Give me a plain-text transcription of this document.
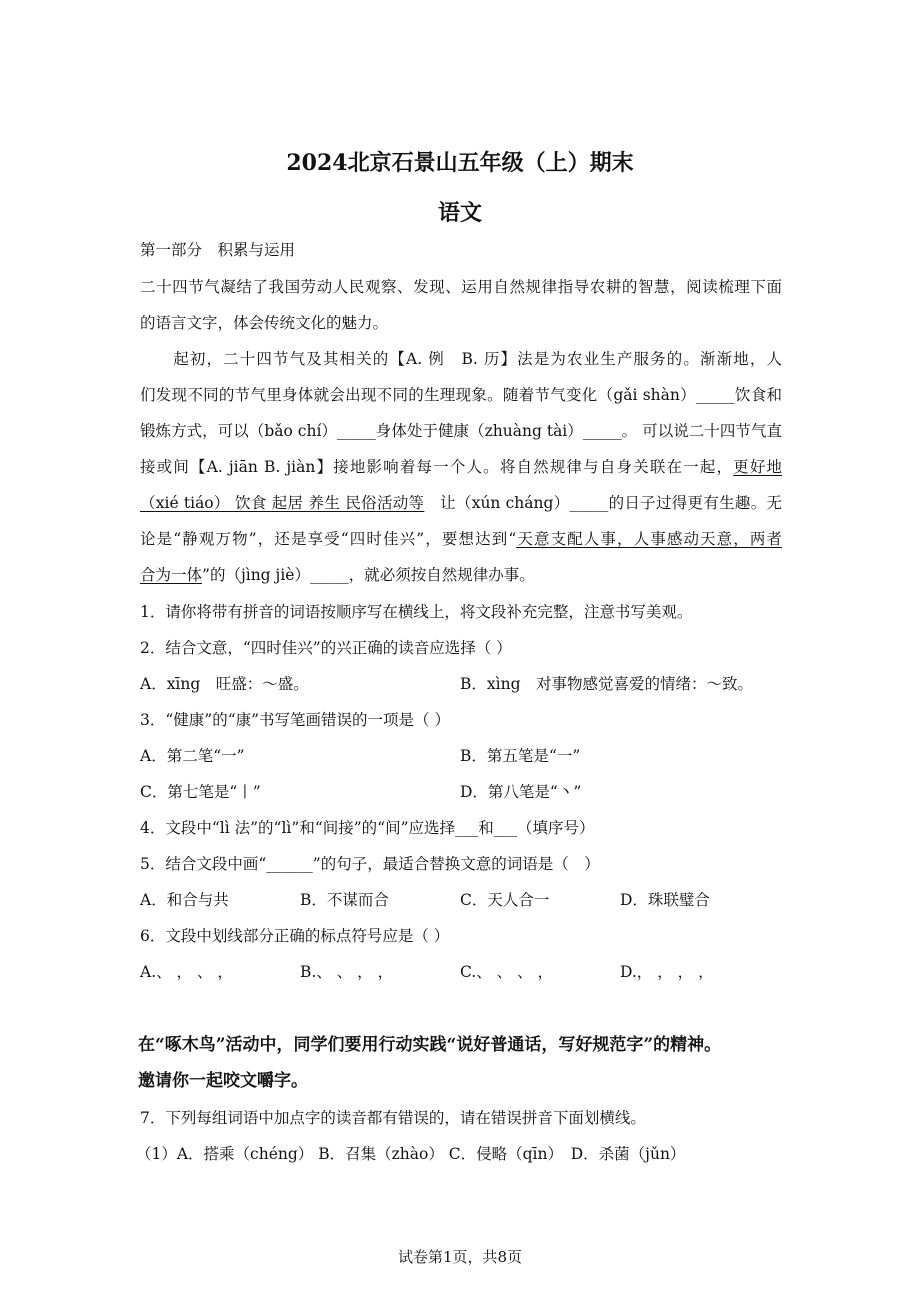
2024北京石景山五年级（上）期末
语文
第一部分　积累与运用
二十四节气凝结了我国劳动人民观察、发现、运用自然规律指导农耕的智慧，阅读梳理下面
的语言文字，体会传统文化的魅力。
　　起初，二十四节气及其相关的【A. 例　B. 历】法是为农业生产服务的。渐渐地，人
们发现不同的节气里身体就会出现不同的生理现象。随着节气变化（gǎi shàn）_____饮食和
锻炼方式，可以（bǎo chí）_____身体处于健康（zhuàng tài）_____。 可以说二十四节气直
接或间【A. jiān B. jiàn】接地影响着每一个人。将自然规律与自身关联在一起，更好地
（xié tiáo） 饮食 起居 养生 民俗活动等　让（xún cháng）_____的日子过得更有生趣。无
论是“静观万物”，还是享受“四时佳兴”，要想达到“天意支配人事，人事感动天意，两者
合为一体”的（jìng jiè）_____，就必须按自然规律办事。
1．请你将带有拼音的词语按顺序写在横线上，将文段补充完整，注意书写美观。
2．结合文意，“四时佳兴”的兴正确的读音应选择（ ）
A．xīng　旺盛：～盛。	B．xìng　对事物感觉喜爱的情绪：～致。
3．“健康”的“康”书写笔画错误的一项是（ ）
A．第二笔“一”	B．第五笔是“一”
C．第七笔是“丨”	D．第八笔是“丶”
4．文段中“lì 法”的“lì”和“间接”的“间”应选择___和___（填序号）
5．结合文段中画“______”的句子，最适合替换文意的词语是（　）
A．和合与共	B．不谋而合	C．天人合一	D．珠联璧合
6．文段中划线部分正确的标点符号应是（ ）
A.、 ， 、 ，	B.、 、 ， ，	C.、 、 、 ，	D.， ， ， ，
在“啄木鸟”活动中，同学们要用行动实践“说好普通话，写好规范字”的精神。
邀请你一起咬文嚼字。
7．下列每组词语中加点字的读音都有错误的，请在错误拼音下面划横线。
（1）A．搭乘（chéng） B．召集（zhào） C．侵略（qīn）　D．杀菌（jǔn）
试卷第1页，共8页
